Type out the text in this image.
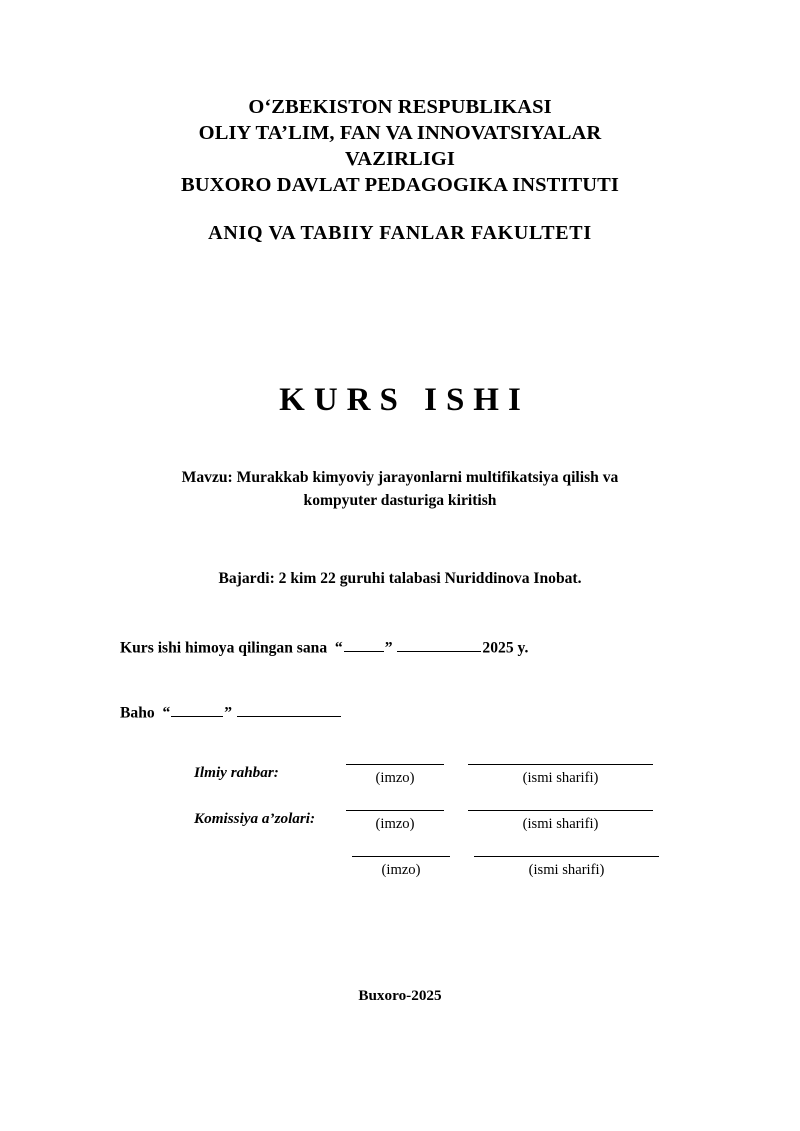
O‘ZBEKISTON RESPUBLIKASI
OLIY TA’LIM, FAN VA INNOVATSIYALAR
VAZIRLIGI
BUXORO DAVLAT PEDAGOGIKA INSTITUTI
ANIQ VA TABIIY FANLAR FAKULTETI
KURS ISHI
Mavzu: Murakkab kimyoviy jarayonlarni multifikatsiya qilish va
kompyuter dasturiga kiritish
Bajardi: 2 kim 22 guruhi talabasi Nuriddinova Inobat.
Kurs ishi himoya qilingan sana “	”	2025 y.
Baho “	”
Ilmiy rahbar:	(imzo)	(ismi sharifi)
Komissiya a’zolari:	(imzo)	(ismi sharifi)
(imzo)	(ismi sharifi)
Buxoro-2025
